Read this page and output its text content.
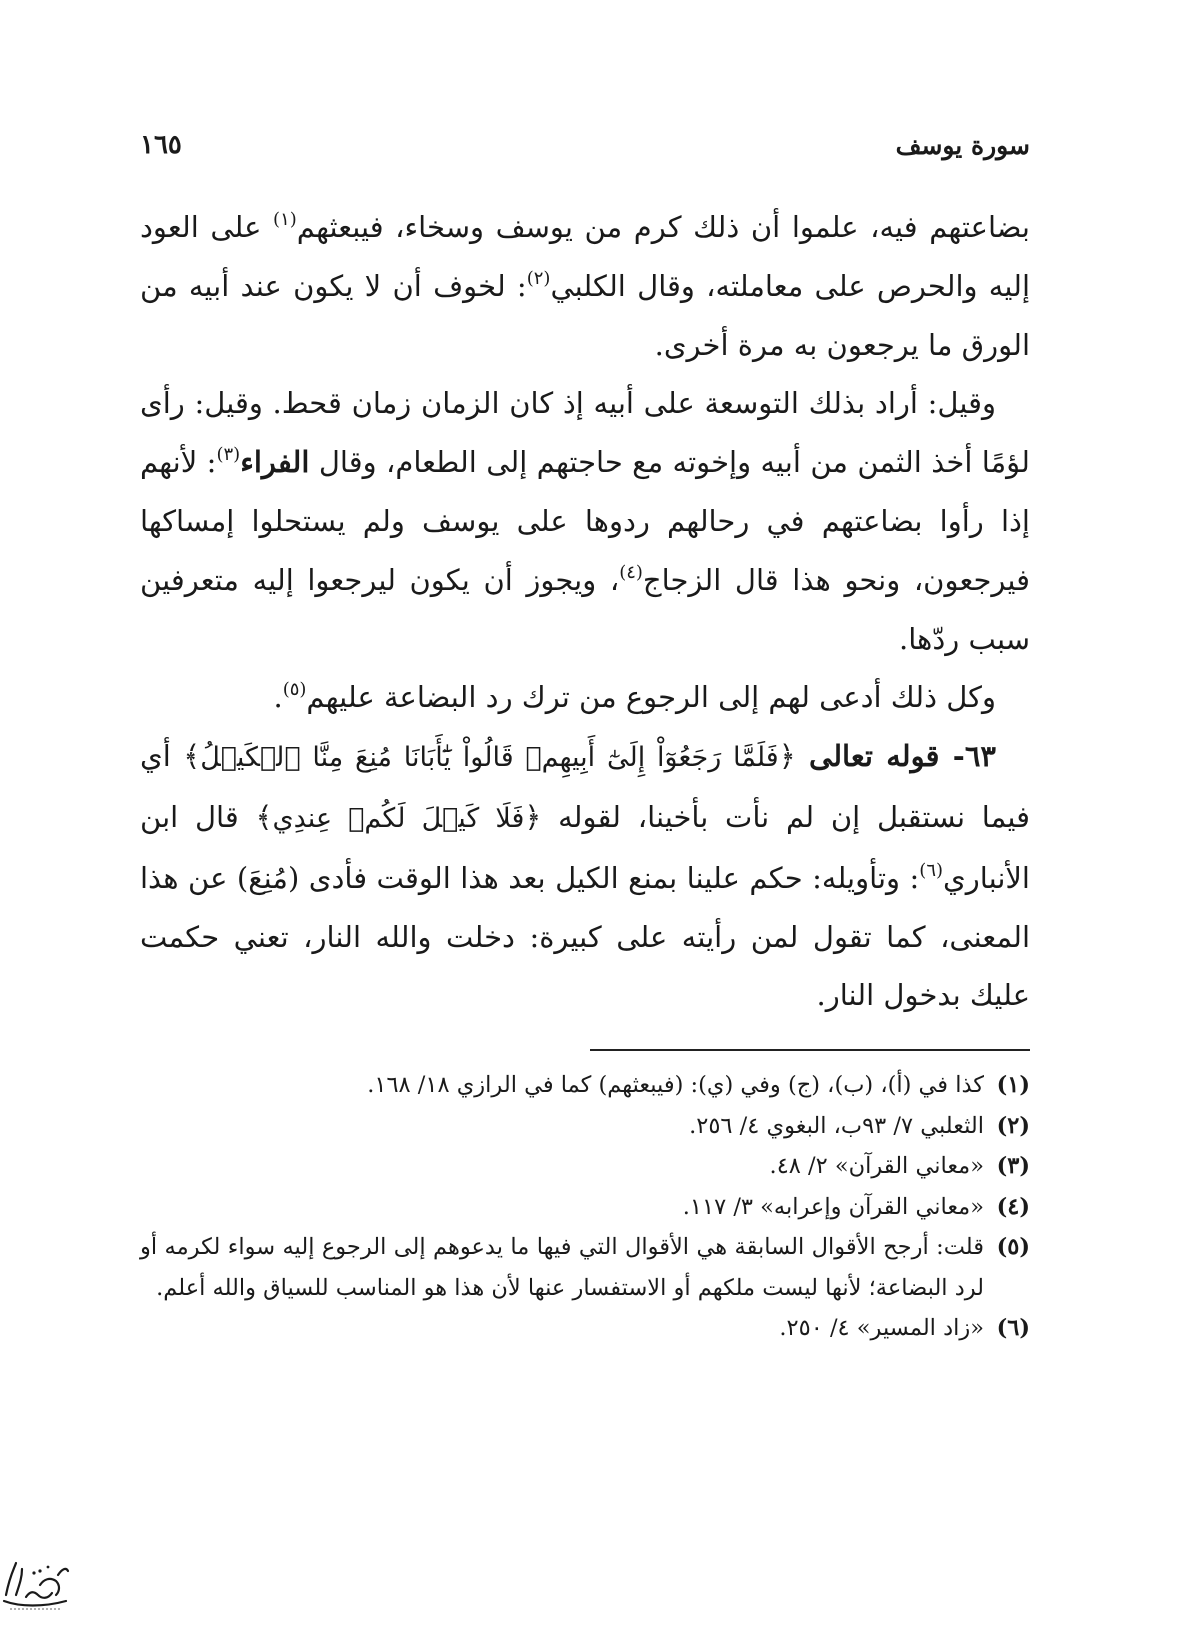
سورة يوسف
١٦٥

بضاعتهم فيه، علموا أن ذلك كرم من يوسف وسخاء، فيبعثهم$^{(١)}$ على العود إليه والحرص على معاملته، وقال الكلبي$^{(٢)}$: لخوف أن لا يكون عند أبيه من الورق ما يرجعون به مرة أخرى.

وقيل: أراد بذلك التوسعة على أبيه إذ كان الزمان زمان قحط. وقيل: رأى لؤمًا أخذ الثمن من أبيه وإخوته مع حاجتهم إلى الطعام، وقال الفراء$^{(٣)}$: لأنهم إذا رأوا بضاعتهم في رحالهم ردوها على يوسف ولم يستحلوا إمساكها فيرجعون، ونحو هذا قال الزجاج$^{(٤)}$، ويجوز أن يكون ليرجعوا إليه متعرفين سبب ردّها.

وكل ذلك أدعى لهم إلى الرجوع من ترك رد البضاعة عليهم$^{(٥)}$.

٦٣- قوله تعالى ﴿فَلَمَّا رَجَعُوٓاْ إِلَىٰٓ أَبِيهِمۡ قَالُواْ يَٰٓأَبَانَا مُنِعَ مِنَّا ٱلۡكَيۡلُ﴾ أي فيما نستقبل إن لم نأت بأخينا، لقوله ﴿فَلَا كَيۡلَ لَكُمۡ عِندِي﴾ قال ابن الأنباري$^{(٦)}$: وتأويله: حكم علينا بمنع الكيل بعد هذا الوقت فأدى (مُنِعَ) عن هذا المعنى، كما تقول لمن رأيته على كبيرة: دخلت والله النار، تعني حكمت عليك بدخول النار.

(١)
كذا في (أ)، (ب)، (ج) وفي (ي): (فيبعثهم) كما في الرازي ١٨/ ١٦٨.
(٢)
الثعلبي ٧/ ٩٣ب، البغوي ٤/ ٢٥٦.
(٣)
«معاني القرآن» ٢/ ٤٨.
(٤)
«معاني القرآن وإعرابه» ٣/ ١١٧.
(٥)
قلت: أرجح الأقوال السابقة هي الأقوال التي فيها ما يدعوهم إلى الرجوع إليه سواء لكرمه أو لرد البضاعة؛ لأنها ليست ملكهم أو الاستفسار عنها لأن هذا هو المناسب للسياق والله أعلم.
(٦)
«زاد المسير» ٤/ ٢٥٠.
